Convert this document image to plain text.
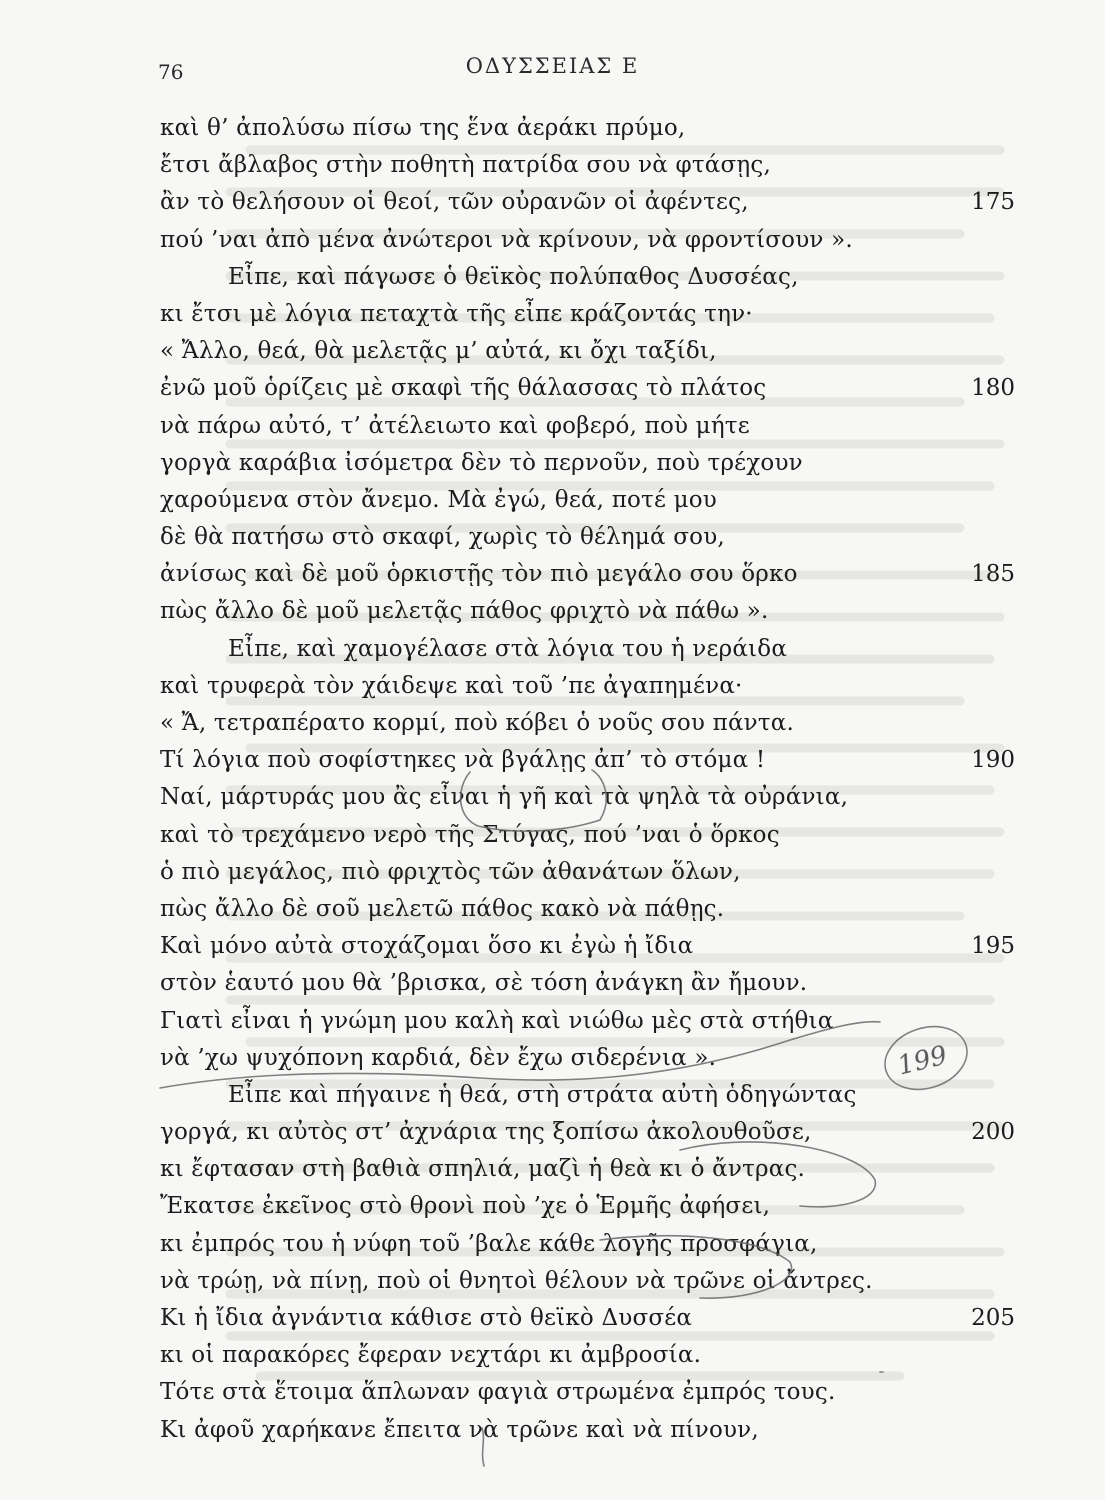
76	ΟΔΥΣΣΕΙΑΣ Ε
καὶ θ’ ἀπολύσω πίσω της ἕνα ἀεράκι πρύμο,
ἔτσι ἄβλαβος στὴν ποθητὴ πατρίδα σου νὰ φτάσῃς,
ἂν τὸ θελήσουν οἱ θεοί, τῶν οὐρανῶν οἱ ἀφέντες,	175
πού ’ναι ἀπὸ μένα ἀνώτεροι νὰ κρίνουν, νὰ φροντίσουν ».
Εἶπε, καὶ πάγωσε ὁ θεϊκὸς πολύπαθος Δυσσέας,
κι ἔτσι μὲ λόγια πεταχτὰ τῆς εἶπε κράζοντάς την·
« Ἄλλο, θεά, θὰ μελετᾷς μ’ αὐτά, κι ὄχι ταξίδι,
ἐνῶ μοῦ ὁρίζεις μὲ σκαφὶ τῆς θάλασσας τὸ πλάτος	180
νὰ πάρω αὐτό, τ’ ἀτέλειωτο καὶ φοβερό, ποὺ μήτε
γοργὰ καράβια ἰσόμετρα δὲν τὸ περνοῦν, ποὺ τρέχουν
χαρούμενα στὸν ἄνεμο. Μὰ ἐγώ, θεά, ποτέ μου
δὲ θὰ πατήσω στὸ σκαφί, χωρὶς τὸ θέλημά σου,
ἀνίσως καὶ δὲ μοῦ ὁρκιστῇς τὸν πιὸ μεγάλο σου ὅρκο	185
πὼς ἄλλο δὲ μοῦ μελετᾷς πάθος φριχτὸ νὰ πάθω ».
Εἶπε, καὶ χαμογέλασε στὰ λόγια του ἡ νεράιδα
καὶ τρυφερὰ τὸν χάιδεψε καὶ τοῦ ’πε ἀγαπημένα·
« Ἄ, τετραπέρατο κορμί, ποὺ κόβει ὁ νοῦς σου πάντα.
Τί λόγια ποὺ σοφίστηκες νὰ βγάλῃς ἀπ’ τὸ στόμα !	190
Ναί, μάρτυράς μου ἂς εἶναι ἡ γῆ καὶ τὰ ψηλὰ τὰ οὐράνια,
καὶ τὸ τρεχάμενο νερὸ τῆς Στύγας, πού ’ναι ὁ ὅρκος
ὁ πιὸ μεγάλος, πιὸ φριχτὸς τῶν ἀθανάτων ὅλων,
πὼς ἄλλο δὲ σοῦ μελετῶ πάθος κακὸ νὰ πάθῃς.
Καὶ μόνο αὐτὰ στοχάζομαι ὅσο κι ἐγὼ ἡ ἴδια	195
στὸν ἑαυτό μου θὰ ’βρισκα, σὲ τόση ἀνάγκη ἂν ἤμουν.
Γιατὶ εἶναι ἡ γνώμη μου καλὴ καὶ νιώθω μὲς στὰ στήθια
νὰ ’χω ψυχόπονη καρδιά, δὲν ἔχω σιδερένια ».
Εἶπε καὶ πήγαινε ἡ θεά, στὴ στράτα αὐτὴ ὁδηγώντας
γοργά, κι αὐτὸς στ’ ἀχνάρια της ξοπίσω ἀκολουθοῦσε,	200
κι ἔφτασαν στὴ βαθιὰ σπηλιά, μαζὶ ἡ θεὰ κι ὁ ἄντρας.
Ἔκατσε ἐκεῖνος στὸ θρονὶ ποὺ ’χε ὁ Ἑρμῆς ἀφήσει,
κι ἐμπρός του ἡ νύφη τοῦ ’βαλε κάθε λογῆς προσφάγια,
νὰ τρώῃ, νὰ πίνῃ, ποὺ οἱ θνητοὶ θέλουν νὰ τρῶνε οἱ ἄντρες.
Κι ἡ ἴδια ἀγνάντια κάθισε στὸ θεϊκὸ Δυσσέα	205
κι οἱ παρακόρες ἔφεραν νεχτάρι κι ἀμβροσία.
Τότε στὰ ἕτοιμα ἅπλωναν φαγιὰ στρωμένα ἐμπρός τους.
Κι ἀφοῦ χαρήκανε ἔπειτα νὰ τρῶνε καὶ νὰ πίνουν,
199
